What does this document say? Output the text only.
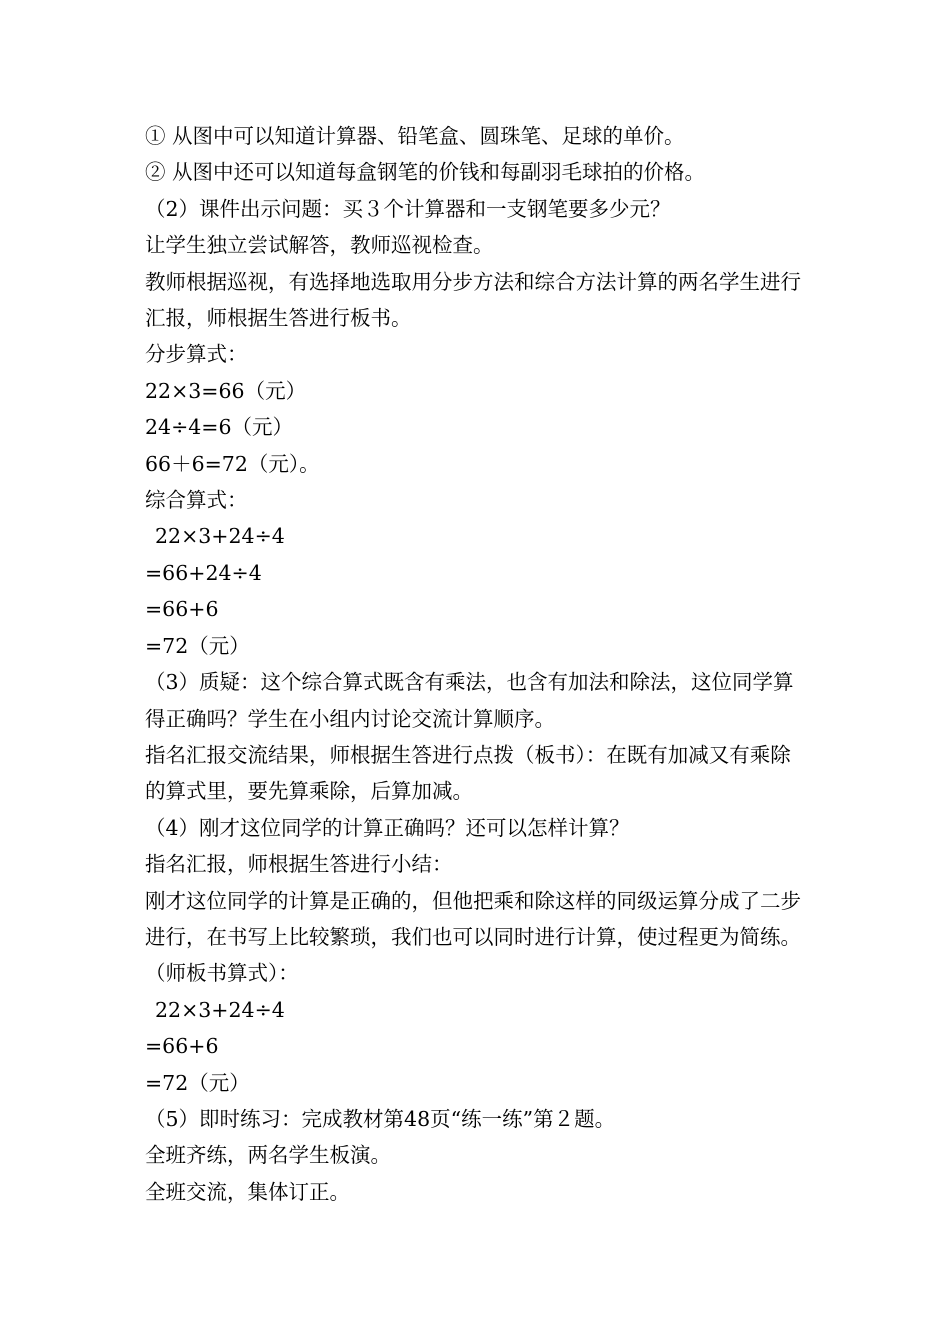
① 从图中可以知道计算器、铅笔盒、圆珠笔、足球的单价。

② 从图中还可以知道每盒钢笔的价钱和每副羽毛球拍的价格。

（2）课件出示问题：买３个计算器和一支钢笔要多少元？

让学生独立尝试解答，教师巡视检查。

教师根据巡视，有选择地选取用分步方法和综合方法计算的两名学生进行汇报，师根据生答进行板书。

分步算式：

22×3=66（元）

24÷4=6（元）

66＋6=72（元）。

综合算式：

22×3+24÷4

=66+24÷4

=66+6

=72（元）

（3）质疑：这个综合算式既含有乘法，也含有加法和除法，这位同学算得正确吗？学生在小组内讨论交流计算顺序。

指名汇报交流结果，师根据生答进行点拨（板书）：在既有加减又有乘除的算式里，要先算乘除，后算加减。

（4）刚才这位同学的计算正确吗？还可以怎样计算？

指名汇报，师根据生答进行小结：

刚才这位同学的计算是正确的，但他把乘和除这样的同级运算分成了二步进行，在书写上比较繁琐，我们也可以同时进行计算，使过程更为简练。（师板书算式）：

22×3+24÷4

=66+6

=72（元）

（5）即时练习：完成教材第48页“练一练”第２题。

全班齐练，两名学生板演。

全班交流，集体订正。
